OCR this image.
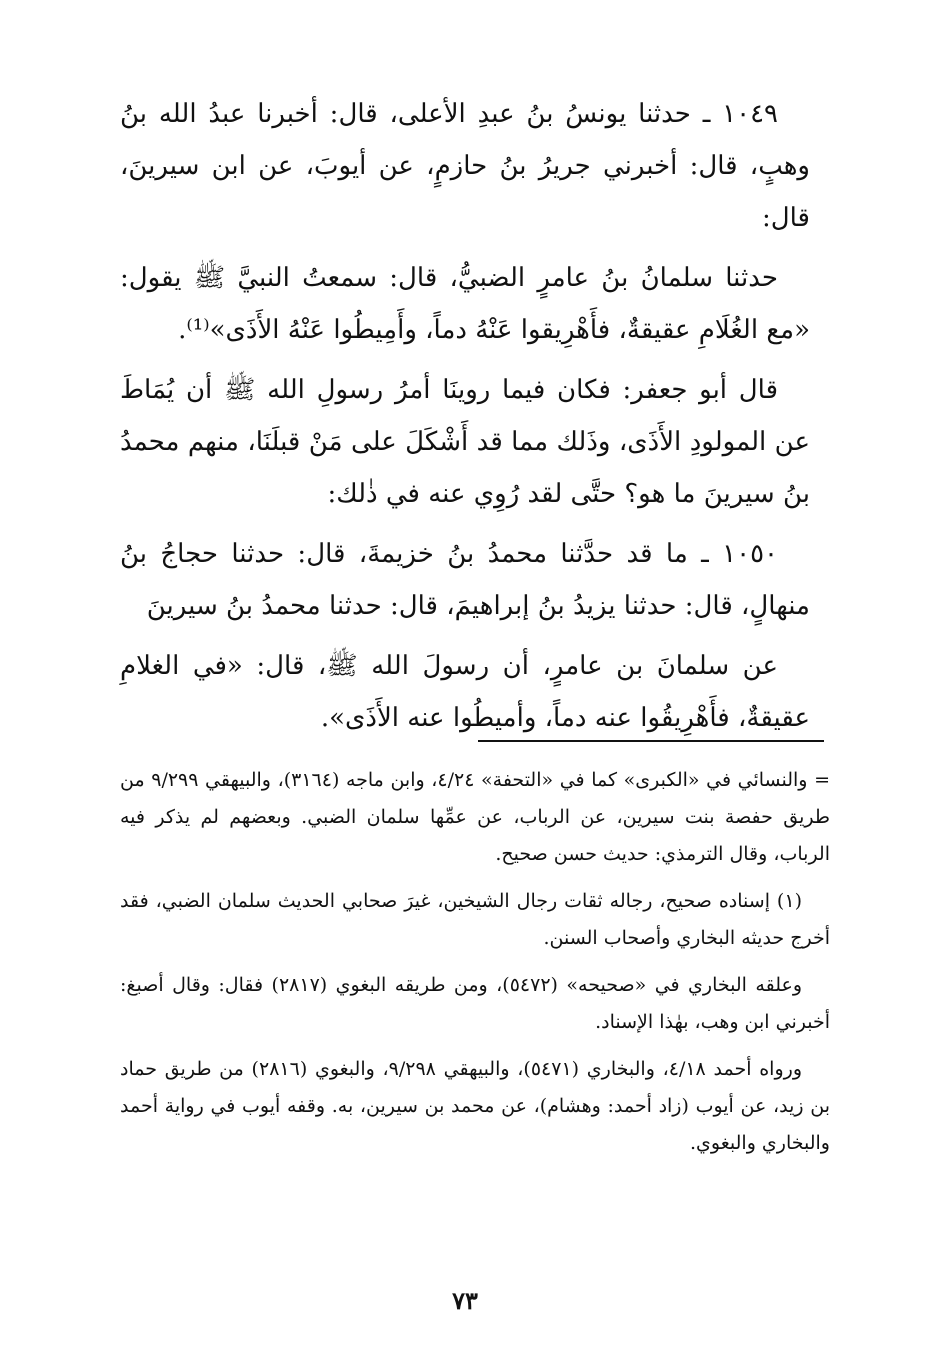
١٠٤٩ ـ حدثنا يونسُ بنُ عبدِ الأعلى، قال: أخبرنا عبدُ الله بنُ وهبٍ، قال: أخبرني جريرُ بنُ حازمٍ، عن أيوبَ، عن ابن سيرينَ، قال:

حدثنا سلمانُ بنُ عامرٍ الضبيُّ، قال: سمعتُ النبيَّ ﷺ يقول: «مع الغُلَامِ عقيقةٌ، فأَهْرِيقوا عَنْهُ دماً، وأَمِيطُوا عَنْهُ الأَذَى»⁽¹⁾.

قال أبو جعفر: فكان فيما روينَا أمرُ رسولِ الله ﷺ أن يُمَاطَ عن المولودِ الأَذَى، وذَلك مما قد أَشْكَلَ على مَنْ قبلَنَا، منهم محمدُ بنُ سيرينَ ما هو؟ حتَّى لقد رُوِي عنه في ذٰلك:

١٠٥٠ ـ ما قد حدَّثنا محمدُ بنُ خزيمةَ، قال: حدثنا حجاجُ بنُ منهالٍ، قال: حدثنا يزيدُ بنُ إبراهيمَ، قال: حدثنا محمدُ بنُ سيرينَ

عن سلمانَ بن عامرٍ، أن رسولَ الله ﷺ، قال: «في الغلامِ عقيقةٌ، فأَهْرِيقُوا عنه دماً، وأميطُوا عنه الأَذَى».

= والنسائي في «الكبرى» كما في «التحفة» ٤/٢٤، وابن ماجه (٣١٦٤)، والبيهقي ٩/٢٩٩ من طريق حفصة بنت سيرين، عن الرباب، عن عمِّها سلمان الضبي. وبعضهم لم يذكر فيه الرباب، وقال الترمذي: حديث حسن صحيح.

(١) إسناده صحيح، رجاله ثقات رجال الشيخين، غيرَ صحابي الحديث سلمان الضبي، فقد أخرج حديثه البخاري وأصحاب السنن.

وعلقه البخاري في «صحيحه» (٥٤٧٢)، ومن طريقه البغوي (٢٨١٧) فقال: وقال أصبغ: أخبرني ابن وهب، بهٰذا الإسناد.

ورواه أحمد ٤/١٨، والبخاري (٥٤٧١)، والبيهقي ٩/٢٩٨، والبغوي (٢٨١٦) من طريق حماد بن زيد، عن أيوب (زاد أحمد: وهشام)، عن محمد بن سيرين، به. وقفه أيوب في رواية أحمد والبخاري والبغوي.

٧٣
